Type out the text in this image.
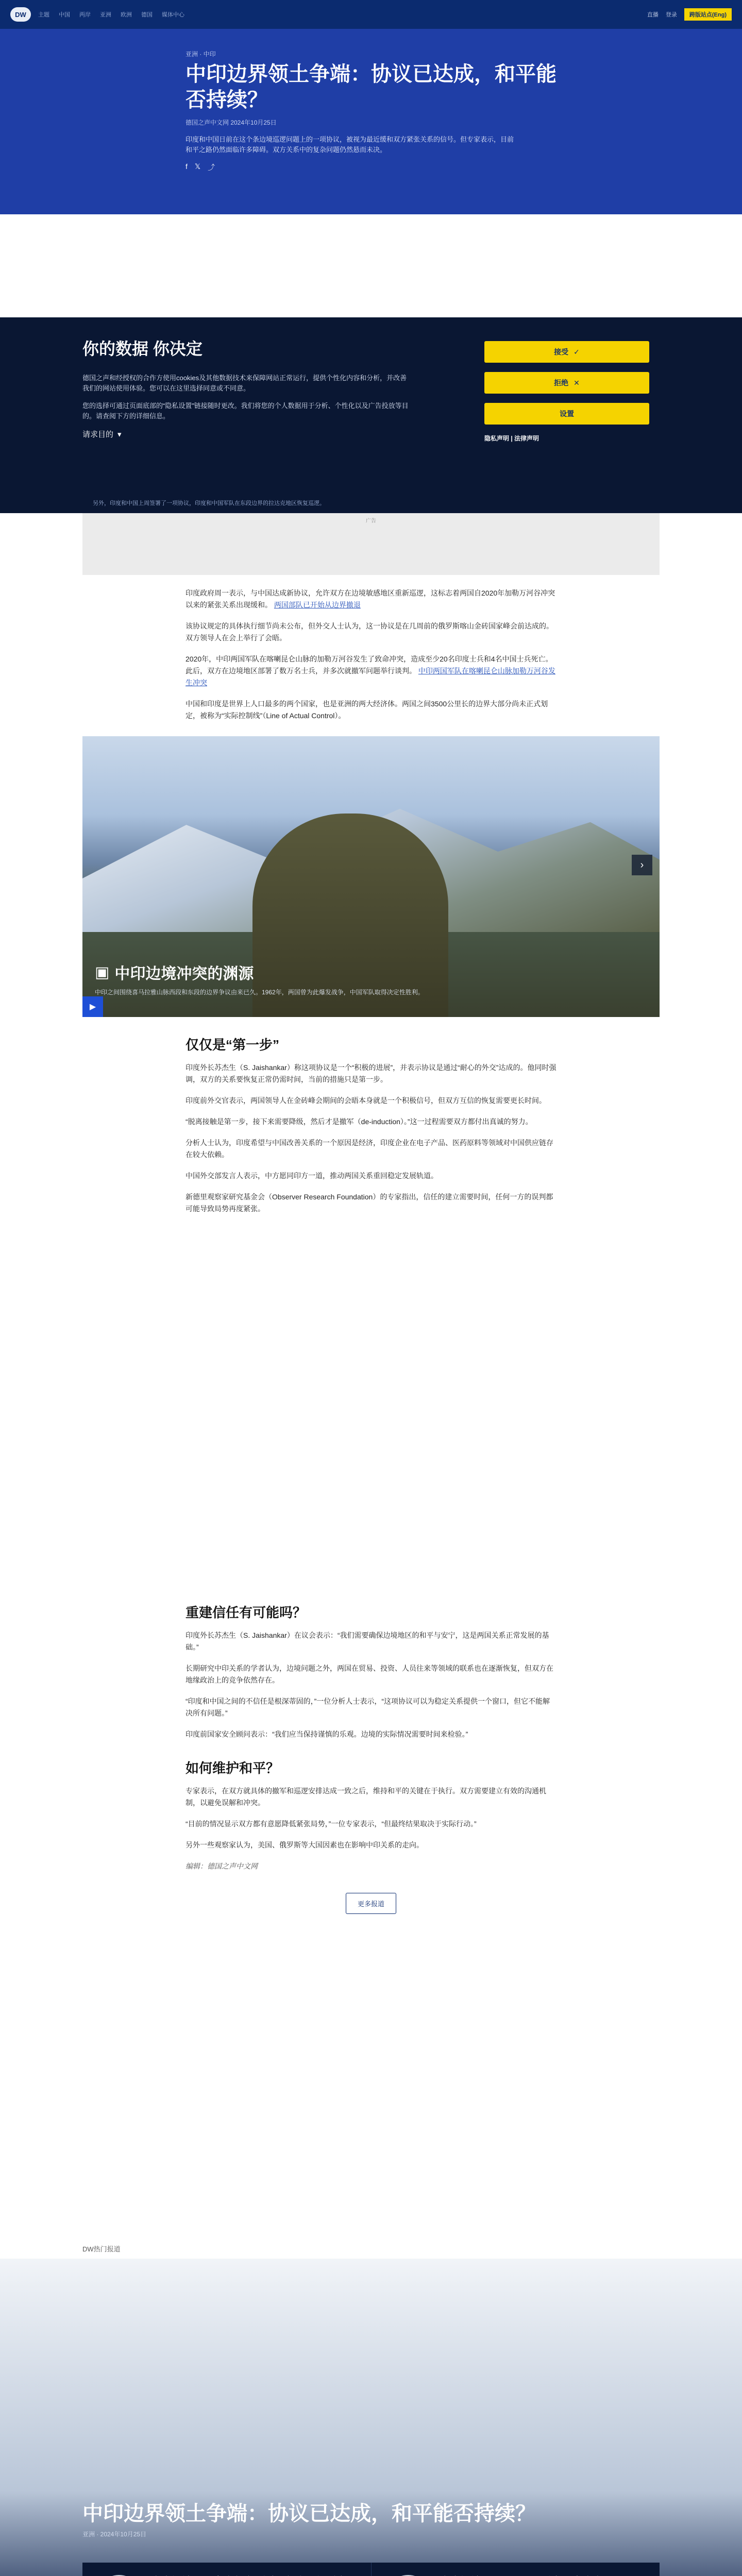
DW	主题 中国 两岸 亚洲 欧洲 德国 媒体中心	直播 登录	跨版站点(Eng)
亚洲 · 中印
中印边界领土争端：协议已达成，和平能否持续？
德国之声中文网 2024年10月25日
印度和中国日前在这个条边境巡逻问题上的一项协议，被视为最近缓和双方紧张关系的信号。但专家表示，目前和平之路仍然面临许多障碍。双方关系中的复杂问题仍然悬而未决。
f 𝕏 ⤴
你的数据 你决定

德国之声和经授权的合作方使用cookies及其他数据技术来保障网站正常运行，提供个性化内容和分析，并改善我们的网站使用体验。您可以在这里选择同意或不同意。

您的选择可通过页面底部的“隐私设置”链接随时更改。我们将您的个人数据用于分析、个性化以及广告投放等目的。请查阅下方的详细信息。

请求目的 ▾
接受 ✓
拒绝 ✕
设置
隐私声明 | 法律声明
另外，印度和中国上周签署了一项协议，印度和中国军队在东段边界的拉达克地区恢复巡逻。
广告

印度政府周一表示，与中国达成新协议，允许双方在边境敏感地区重新巡逻，这标志着两国自2020年加勒万河谷冲突以来的紧张关系出现缓和。 两国部队已开始从边界撤退

该协议规定的具体执行细节尚未公布，但外交人士认为，这一协议是在几周前的俄罗斯喀山金砖国家峰会前达成的。双方领导人在会上举行了会晤。

2020年，中印两国军队在喀喇昆仑山脉的加勒万河谷发生了致命冲突，造成至少20名印度士兵和4名中国士兵死亡。此后，双方在边境地区部署了数万名士兵，并多次就撤军问题举行谈判。 中印两国军队在喀喇昆仑山脉加勒万河谷发生冲突

中国和印度是世界上人口最多的两个国家，也是亚洲的两大经济体。两国之间3500公里长的边界大部分尚未正式划定，被称为“实际控制线”（Line of Actual Control）。

›
▣ 中印边境冲突的渊源
中印之间围绕喜马拉雅山脉西段和东段的边界争议由来已久。1962年，两国曾为此爆发战争，中国军队取得决定性胜利。
▶
仅仅是“第一步”

印度外长苏杰生（S. Jaishankar）称这项协议是一个“积极的进展”，并表示协议是通过“耐心的外交”达成的。他同时强调，双方的关系要恢复正常仍需时间，当前的措施只是第一步。

印度前外交官表示，两国领导人在金砖峰会期间的会晤本身就是一个积极信号，但双方互信的恢复需要更长时间。

“脱离接触是第一步，接下来需要降级，然后才是撤军（de-induction）。”这一过程需要双方都付出真诚的努力。

分析人士认为，印度希望与中国改善关系的一个原因是经济，印度企业在电子产品、医药原料等领域对中国供应链存在较大依赖。

中国外交部发言人表示，中方愿同印方一道，推动两国关系重回稳定发展轨道。

新德里观察家研究基金会（Observer Research Foundation）的专家指出，信任的建立需要时间，任何一方的误判都可能导致局势再度紧张。

重建信任有可能吗？

印度外长苏杰生（S. Jaishankar）在议会表示：“我们需要确保边境地区的和平与安宁，这是两国关系正常发展的基础。”

长期研究中印关系的学者认为，边境问题之外，两国在贸易、投资、人员往来等领域的联系也在逐渐恢复，但双方在地缘政治上的竞争依然存在。

“印度和中国之间的不信任是根深蒂固的，”一位分析人士表示，“这项协议可以为稳定关系提供一个窗口，但它不能解决所有问题。”

印度前国家安全顾问表示：“我们应当保持谨慎的乐观。边境的实际情况需要时间来检验。”

如何维护和平？

专家表示，在双方就具体的撤军和巡逻安排达成一致之后，维持和平的关键在于执行。双方需要建立有效的沟通机制，以避免误解和冲突。

“目前的情况显示双方都有意愿降低紧张局势，”一位专家表示，“但最终结果取决于实际行动。”

另外一些观察家认为，美国、俄罗斯等大国因素也在影响中印关系的走向。

编辑：德国之声中文网

更多报道
DW热门报道
中印边界领土争端：协议已达成，和平能否持续？
亚洲 · 2024年10月25日
